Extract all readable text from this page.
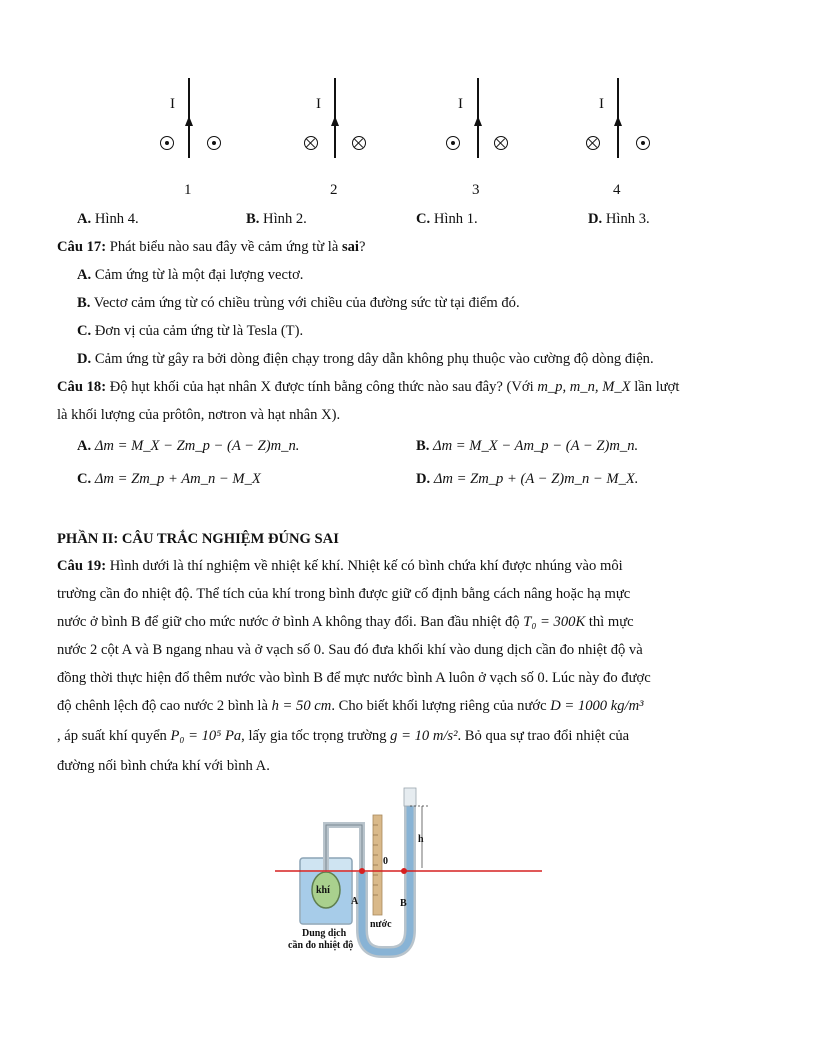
I
1
I
2
I
3
I
4
A. Hình 4.	B. Hình 2.	C. Hình 1.	D. Hình 3.
Câu 17: Phát biểu nào sau đây về cảm ứng từ là sai?
A. Cảm ứng từ là một đại lượng vectơ.
B. Vectơ cảm ứng từ có chiều trùng với chiều của đường sức từ tại điểm đó.
C. Đơn vị của cảm ứng từ là Tesla (T).
D. Cảm ứng từ gây ra bởi dòng điện chạy trong dây dẫn không phụ thuộc vào cường độ dòng điện.
Câu 18: Độ hụt khối của hạt nhân X được tính bằng công thức nào sau đây? (Với m_p, m_n, M_X lần lượt
là khối lượng của prôtôn, nơtron và hạt nhân X).
A. Δm = M_X − Zm_p − (A − Z)m_n.	B. Δm = M_X − Am_p − (A − Z)m_n.
C. Δm = Zm_p + Am_n − M_X	D. Δm = Zm_p + (A − Z)m_n − M_X.
PHẦN II: CÂU TRẮC NGHIỆM ĐÚNG SAI
Câu 19: Hình dưới là thí nghiệm về nhiệt kế khí. Nhiệt kế có bình chứa khí được nhúng vào môi
trường cần đo nhiệt độ. Thể tích của khí trong bình được giữ cố định bằng cách nâng hoặc hạ mực
nước ở bình B để giữ cho mức nước ở bình A không thay đổi. Ban đầu nhiệt độ T₀ = 300K thì mực
nước 2 cột A và B ngang nhau và ở vạch số 0. Sau đó đưa khối khí vào dung dịch cần đo nhiệt độ và
đồng thời thực hiện đổ thêm nước vào bình B để mực nước bình A luôn ở vạch số 0. Lúc này đo được
độ chênh lệch độ cao nước 2 bình là h = 50 cm. Cho biết khối lượng riêng của nước D = 1000 kg/m³
, áp suất khí quyển P₀ = 10⁵ Pa, lấy gia tốc trọng trường g = 10 m/s². Bỏ qua sự trao đổi nhiệt của
đường nối bình chứa khí với bình A.
khí
0
h
A	B
nước
Dung dịch
cần đo nhiệt độ
